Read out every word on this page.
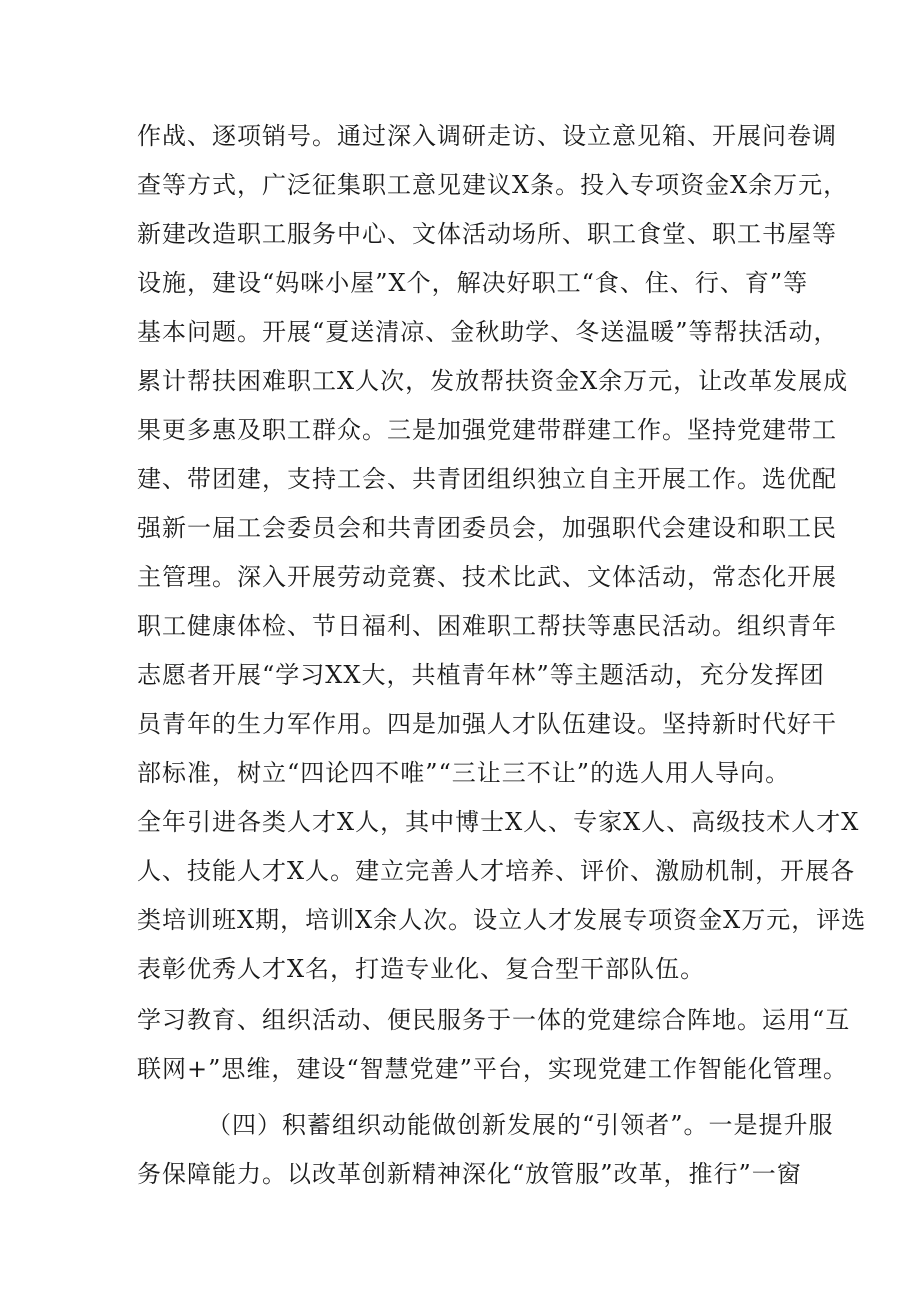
作战、逐项销号。通过深入调研走访、设立意见箱、开展问卷调
查等方式，广泛征集职工意见建议X条。投入专项资金X余万元，
新建改造职工服务中心、文体活动场所、职工食堂、职工书屋等
设施，建设“妈咪小屋”X个，解决好职工“食、住、行、育”等
基本问题。开展“夏送清凉、金秋助学、冬送温暖”等帮扶活动，
累计帮扶困难职工X人次，发放帮扶资金X余万元，让改革发展成
果更多惠及职工群众。三是加强党建带群建工作。坚持党建带工
建、带团建，支持工会、共青团组织独立自主开展工作。选优配
强新一届工会委员会和共青团委员会，加强职代会建设和职工民
主管理。深入开展劳动竞赛、技术比武、文体活动，常态化开展
职工健康体检、节日福利、困难职工帮扶等惠民活动。组织青年
志愿者开展“学习XX大，共植青年林”等主题活动，充分发挥团
员青年的生力军作用。四是加强人才队伍建设。坚持新时代好干
部标准，树立“四论四不唯”“三让三不让”的选人用人导向。
全年引进各类人才X人，其中博士X人、专家X人、高级技术人才X
人、技能人才X人。建立完善人才培养、评价、激励机制，开展各
类培训班X期，培训X余人次。设立人才发展专项资金X万元，评选
表彰优秀人才X名，打造专业化、复合型干部队伍。
学习教育、组织活动、便民服务于一体的党建综合阵地。运用“互
联网+”思维，建设“智慧党建”平台，实现党建工作智能化管理。
（四）积蓄组织动能做创新发展的“引领者”。一是提升服
务保障能力。以改革创新精神深化“放管服”改革，推行”一窗
